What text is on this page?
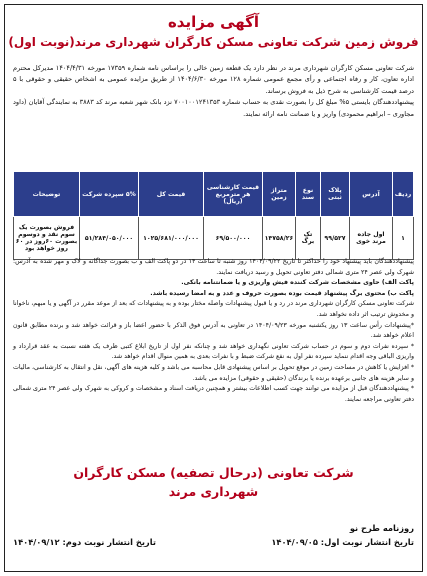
آگهی مزایده
فروش زمین شرکت تعاونی مسکن کارگران شهرداری مرند(نوبت اول)
شرکت تعاونی مسکن کارگران شهرداری مرند در نظر دارد یک قطعه زمین خالی را براساس نامه شماره ۱۷۳۵۹ مورخه ۱۴۰۴/۴/۳۱ مدیرکل محترم اداره تعاون، کار و رفاه اجتماعی و رأی مجمع عمومی شماره ۱۲۸ مورخه ۱۴۰۴/۶/۳۰ از طریق مزایده عمومی به اشخاص حقیقی و حقوقی با ۵ درصد قیمت کارشناسی به شرح ذیل به فروش برساند.
پیشنهاددهندگان بایستی ۵% مبلغ کل را بصورت نقدی به حساب شماره ۷۰۰۱۰۰۱۲۴۱۳۵۳ نزد بانک شهر شعبه مرند کد ۳۸۸۳ به نمایندگی آقایان (داود مجاوری – ابراهیم محمودی) واریز و یا ضمانت نامه ارائه نمایند.
ردیف	آدرس	پلاک ثبتی	نوع سند	متراژ زمین	قیمت کارشناسی هر مترمربع (ریال)	قیمت کل	۵% سپرده شرکت	توضیحات
۱	اول جاده مرند خوی	۹۹/۵۲۷	تک برگ	۱۴۷۵۸/۲۶	۶۹/۵۰۰/۰۰۰	۱۰۲۵/۶۸۱/۰۰۰/۰۰۰	۵۱/۲۸۴/۰۵۰/۰۰۰	فروش بصورت یک سوم نقد و دوسوم بصورت ۶۰روز در ۶۰ روز خواهد بود

پیشنهاددهندگان باید پیشنهاد خود را حداکثر تا تاریخ ۱۴۰۴/۰۹/۲۲ روز شنبه تا ساعت ۱۴ در دو پاکت الف و ب بصورت جداگانه و لاک و مهر شده به آدرس: شهرک ولی عصر ۲۴ متری شمالی دفتر تعاونی تحویل و رسید دریافت نمایند.

پاکت الف) حاوی مشخصات شرکت کننده فیش واریزی و یا ضمانتنامه بانکی.

پاکت ب) محتوی برگ پیشنهاد قیمت بوده بصورت حروف و عدد و به امضا رسیده باشد.

شرکت تعاونی مسکن کارگران شهرداری مرند در رد و یا قبول پیشنهادات واصله مختار بوده و به پیشنهادات که بعد از موعد مقرر در آگهی و یا مبهم، ناخوانا و مخدوش ترتیب اثر داده نخواهد شد.

*پیشنهادات رأس ساعت ۱۳ روز یکشنبه مورخه ۱۴۰۴/۰۹/۲۳ در تعاونی به آدرس فوق الذکر با حضور اعضا باز و قرائت خواهد شد و برنده مطابق قانون اعلام خواهد شد.

* سپرده نفرات دوم و سوم در حساب شرکت تعاونی نگهداری خواهد شد و چنانکه نفر اول از تاریخ ابلاغ کتبی ظرف یک هفته نسبت به عقد قرارداد و واریزی الباقی وجه اقدام ننماید سپرده نفر اول به نفع شرکت ضبط و با نفرات بعدی به همین منوال اقدام خواهد شد.

* افزایش یا کاهش در مساحت زمین در موقع تحویل بر اساس پیشنهادی قابل محاسبه می باشد و کلیه هزینه های آگهی، نقل و انتقال به کارشناسی، مالیات و سایر هزینه های جانبی برعهده برنده یا برندگان (حقیقی و حقوقی) مزایده می باشد.

* پیشنهاددهندگان قبل از مزایده می توانند جهت کسب اطلاعات بیشتر و همچنین دریافت اسناد و مشخصات و کروکی به شهرک ولی عصر ۲۴ متری شمالی دفتر تعاونی مراجعه نمایند.

شرکت تعاونی (درحال تصفیه) مسکن کارگران
شهرداری مرند
روزنامه طرح نو
تاریخ انتشار نوبت اول: ۱۴۰۴/۰۹/۰۵
تاریخ انتشار نوبت دوم: ۱۴۰۴/۰۹/۱۲
